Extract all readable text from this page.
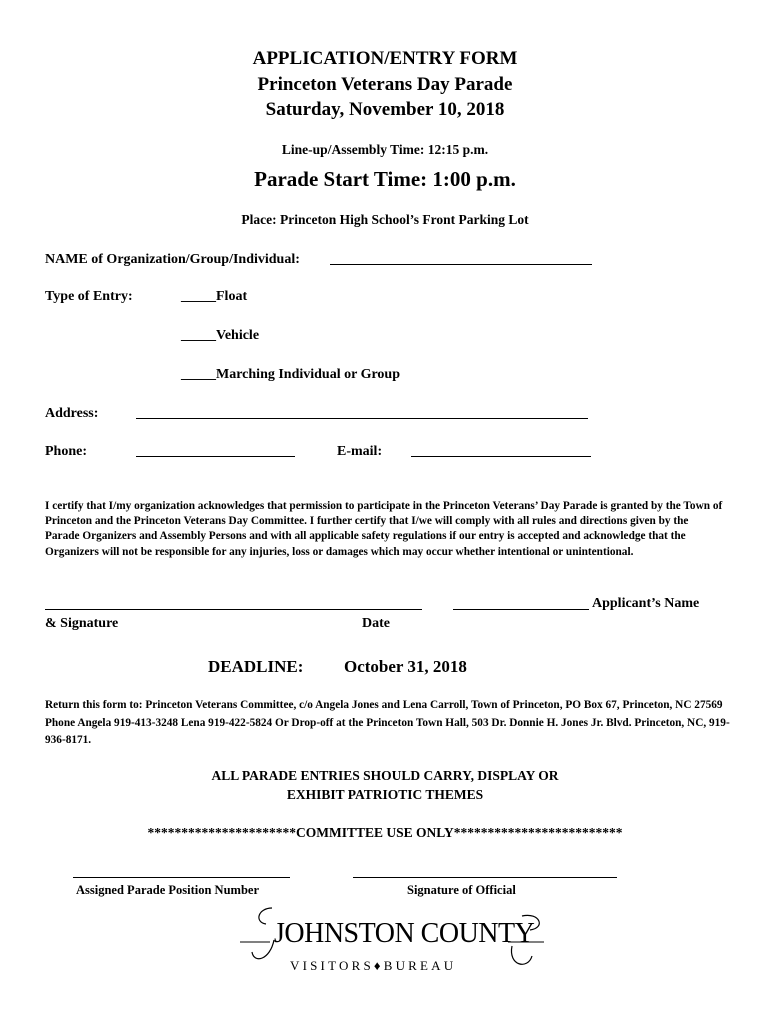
APPLICATION/ENTRY FORM
Princeton Veterans Day Parade
Saturday, November 10, 2018
Line-up/Assembly Time: 12:15 p.m.
Parade Start Time: 1:00 p.m.
Place: Princeton High School’s Front Parking Lot
NAME of Organization/Group/Individual:
Type of Entry:	_____Float
_____Vehicle
_____Marching Individual or Group
Address:
Phone:	E-mail:
I certify that I/my organization acknowledges that permission to participate in the Princeton Veterans’ Day Parade is granted by the Town of Princeton and the Princeton Veterans Day Committee. I further certify that I/we will comply with all rules and directions given by the Parade Organizers and Assembly Persons and with all applicable safety regulations if our entry is accepted and acknowledge that the Organizers will not be responsible for any injuries, loss or damages which may occur whether intentional or unintentional.
Applicant’s Name
& Signature	Date
DEADLINE: October 31, 2018
Return this form to: Princeton Veterans Committee, c/o Angela Jones and Lena Carroll, Town of Princeton, PO Box 67, Princeton, NC 27569 Phone Angela 919-413-3248 Lena 919-422-5824 Or Drop-off at the Princeton Town Hall, 503 Dr. Donnie H. Jones Jr. Blvd. Princeton, NC, 919-936-8171.
ALL PARADE ENTRIES SHOULD CARRY, DISPLAY OR
EXHIBIT PATRIOTIC THEMES
**********************COMMITTEE USE ONLY*************************
Assigned Parade Position Number	Signature of Official
JOHNSTON COUNTY
VISITORS♦BUREAU
